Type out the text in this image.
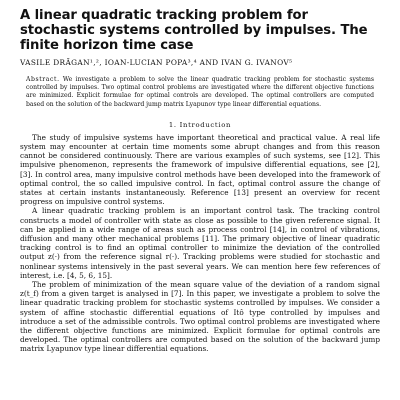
A linear quadratic tracking problem for stochastic systems controlled by impulses. The finite horizon time case
VASILE DRĂGAN¹,², IOAN-LUCIAN POPA³,⁴ AND IVAN G. IVANOV⁵
Abstract. We investigate a problem to solve the linear quadratic tracking problem for stochastic systems controlled by impulses. Two optimal control problems are investigated where the different objective functions are minimized. Explicit formulae for optimal controls are developed. The optimal controllers are computed based on the solution of the backward jump matrix Lyapunov type linear differential equations.
1. Introduction

The study of impulsive systems have important theoretical and practical value. A real life system may encounter at certain time moments some abrupt changes and from this reason cannot be considered continuously. There are various examples of such systems, see [12]. This impulsive phenomenon, represents the framework of impulsive differential equations, see [2], [3]. In control area, many impulsive control methods have been developed into the framework of optimal control, the so called impulsive control. In fact, optimal control assure the change of states at certain instants instantaneously. Reference [13] present an overview for recent progress on impulsive control systems.

A linear quadratic tracking problem is an important control task. The tracking control constructs a model of controller with state as close as possible to the given reference signal. It can be applied in a wide range of areas such as process control [14], in control of vibrations, diffusion and many other mechanical problems [11]. The primary objective of linear quadratic tracking control is to find an optimal controller to minimize the deviation of the controlled output z(·) from the reference signal r(·). Tracking problems were studied for stochastic and nonlinear systems intensively in the past several years. We can mention here few references of interest, i.e. [4, 5, 6, 15].

The problem of minimization of the mean square value of the deviation of a random signal z(t_f) from a given target is analysed in [7]. In this paper, we investigate a problem to solve the linear quadratic tracking problem for stochastic systems controlled by impulses. We consider a system of affine stochastic differential equations of Itô type controlled by impulses and introduce a set of the admissible controls. Two optimal control problems are investigated where the different objective functions are minimized. Explicit formulae for optimal controls are developed. The optimal controllers are computed based on the solution of the backward jump matrix Lyapunov type linear differential equations.
